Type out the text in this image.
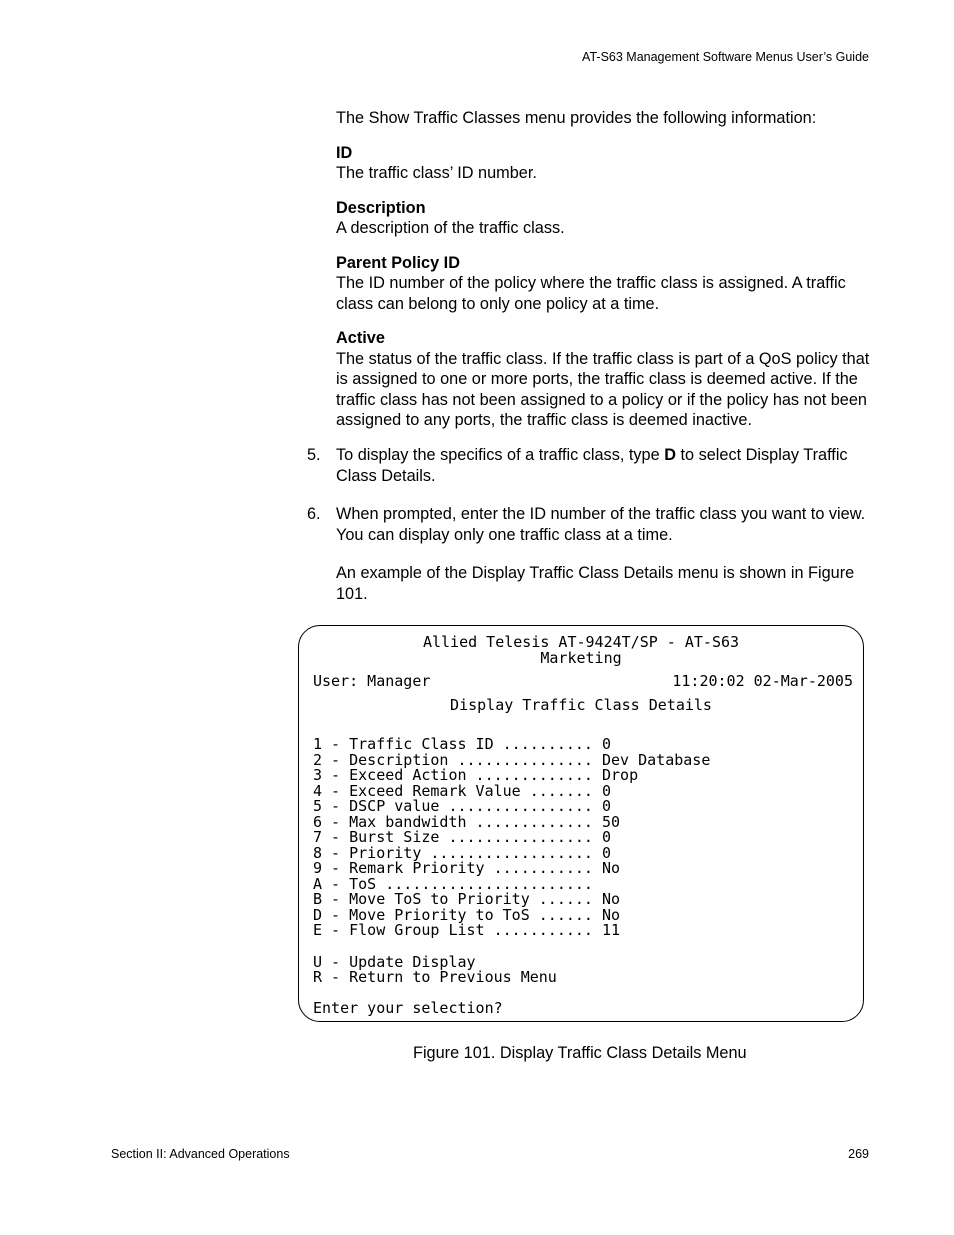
AT-S63 Management Software Menus User’s Guide

The Show Traffic Classes menu provides the following information:

ID
The traffic class’ ID number.
Description
A description of the traffic class.
Parent Policy ID
The ID number of the policy where the traffic class is assigned. A traffic class can belong to only one policy at a time.
Active
The status of the traffic class. If the traffic class is part of a QoS policy that is assigned to one or more ports, the traffic class is deemed active. If the traffic class has not been assigned to a policy or if the policy has not been assigned to any ports, the traffic class is deemed inactive.
5. To display the specifics of a traffic class, type D to select Display Traffic Class Details.
6. When prompted, enter the ID number of the traffic class you want to view. You can display only one traffic class at a time.
An example of the Display Traffic Class Details menu is shown in Figure 101.
Allied Telesis AT-9424T/SP - AT-S63
Marketing
User: Manager	11:20:02 02-Mar-2005
Display Traffic Class Details
1 - Traffic Class ID .......... 0
2 - Description ............... Dev Database
3 - Exceed Action ............. Drop
4 - Exceed Remark Value ....... 0
5 - DSCP value ................ 0
6 - Max bandwidth ............. 50
7 - Burst Size ................ 0
8 - Priority .................. 0
9 - Remark Priority ........... No
A - ToS .......................
B - Move ToS to Priority ...... No
D - Move Priority to ToS ...... No
E - Flow Group List ........... 11
U - Update Display
R - Return to Previous Menu
Enter your selection?
Figure 101. Display Traffic Class Details Menu
Section II: Advanced Operations	269
